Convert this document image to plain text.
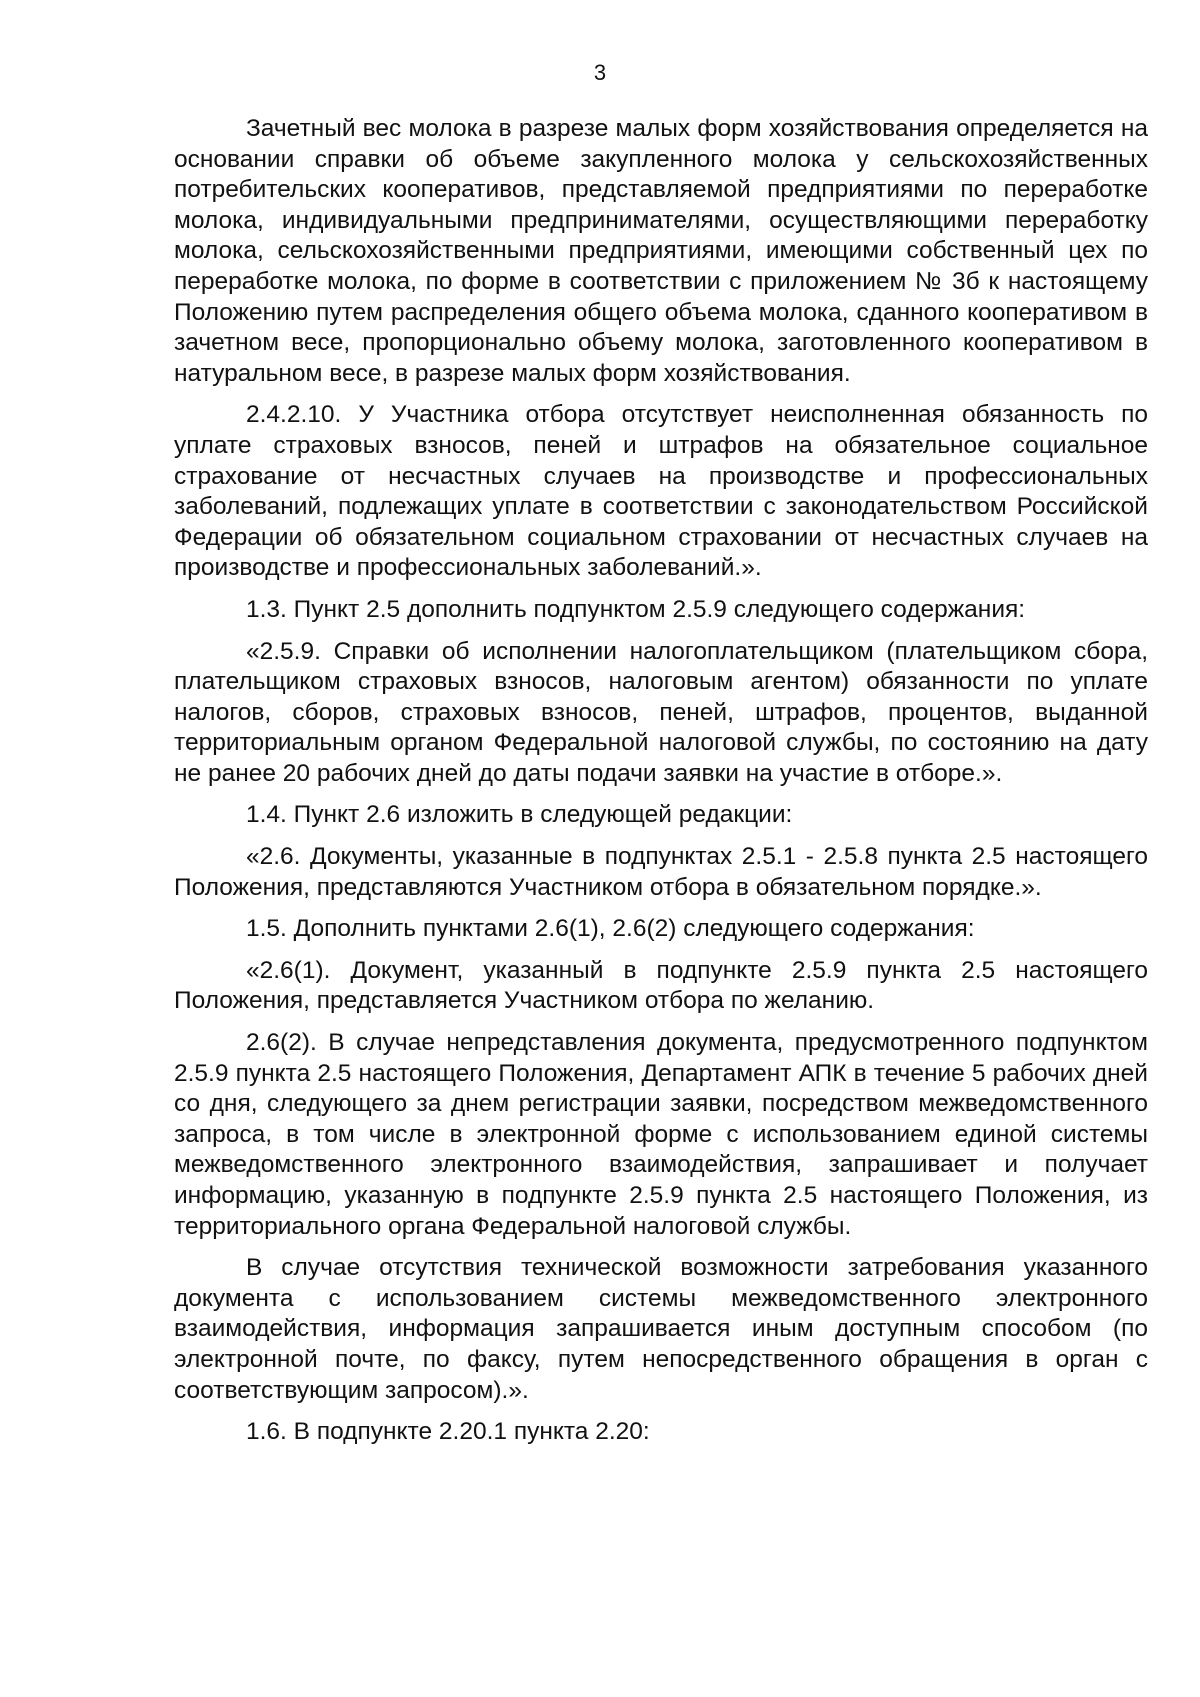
3

Зачетный вес молока в разрезе малых форм хозяйствования определяется на основании справки об объеме закупленного молока у сельскохозяйственных потребительских кооперативов, представляемой предприятиями по переработке молока, индивидуальными предпринимателями, осуществляющими переработку молока, сельскохозяйственными предприятиями, имеющими собственный цех по переработке молока, по форме в соответствии с приложением № 3б к настоящему Положению путем распределения общего объема молока, сданного кооперативом в зачетном весе, пропорционально объему молока, заготовленного кооперативом в натуральном весе, в разрезе малых форм хозяйствования.

2.4.2.10. У Участника отбора отсутствует неисполненная обязанность по уплате страховых взносов, пеней и штрафов на обязательное социальное страхование от несчастных случаев на производстве и профессиональных заболеваний, подлежащих уплате в соответствии с законодательством Российской Федерации об обязательном социальном страховании от несчастных случаев на производстве и профессиональных заболеваний.».

1.3. Пункт 2.5 дополнить подпунктом 2.5.9 следующего содержания:

«2.5.9. Справки об исполнении налогоплательщиком (плательщиком сбора, плательщиком страховых взносов, налоговым агентом) обязанности по уплате налогов, сборов, страховых взносов, пеней, штрафов, процентов, выданной территориальным органом Федеральной налоговой службы, по состоянию на дату не ранее 20 рабочих дней до даты подачи заявки на участие в отборе.».

1.4. Пункт 2.6 изложить в следующей редакции:

«2.6. Документы, указанные в подпунктах 2.5.1 - 2.5.8 пункта 2.5 настоящего Положения, представляются Участником отбора в обязательном порядке.».

1.5. Дополнить пунктами 2.6(1), 2.6(2) следующего содержания:

«2.6(1). Документ, указанный в подпункте 2.5.9 пункта 2.5 настоящего Положения, представляется Участником отбора по желанию.

2.6(2). В случае непредставления документа, предусмотренного подпунктом 2.5.9 пункта 2.5 настоящего Положения, Департамент АПК в течение 5 рабочих дней со дня, следующего за днем регистрации заявки, посредством межведомственного запроса, в том числе в электронной форме с использованием единой системы межведомственного электронного взаимодействия, запрашивает и получает информацию, указанную в подпункте 2.5.9 пункта 2.5 настоящего Положения, из территориального органа Федеральной налоговой службы.

В случае отсутствия технической возможности затребования указанного документа с использованием системы межведомственного электронного взаимодействия, информация запрашивается иным доступным способом (по электронной почте, по факсу, путем непосредственного обращения в орган с соответствующим запросом).».

1.6. В подпункте 2.20.1 пункта 2.20:
